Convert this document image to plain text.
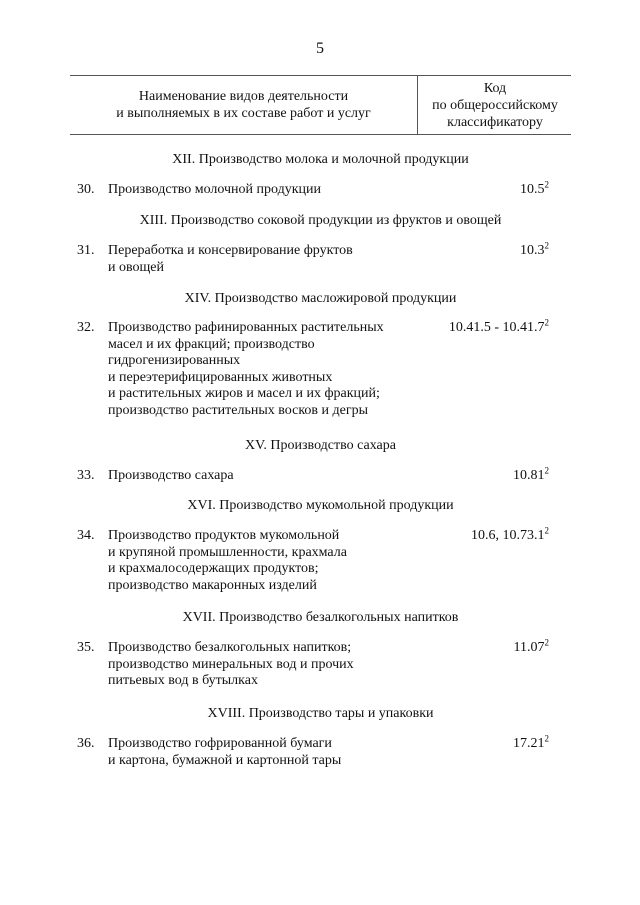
5
Наименование видов деятельности
и выполняемых в их составе работ и услуг
Код
по общероссийскому
классификатору
XII. Производство молока и молочной продукции
30. Производство молочной продукции	10.5$^2$
XIII. Производство соковой продукции из фруктов и овощей
31. Переработка и консервирование фруктов
и овощей
10.3$^2$
XIV. Производство масложировой продукции
32. Производство рафинированных растительных
масел и их фракций; производство
гидрогенизированных
и переэтерифицированных животных
и растительных жиров и масел и их фракций;
производство растительных восков и дегры
10.41.5 - 10.41.7$^2$
XV. Производство сахара
33. Производство сахара	10.81$^2$
XVI. Производство мукомольной продукции
34. Производство продуктов мукомольной
и крупяной промышленности, крахмала
и крахмалосодержащих продуктов;
производство макаронных изделий
10.6, 10.73.1$^2$
XVII. Производство безалкогольных напитков
35. Производство безалкогольных напитков;
производство минеральных вод и прочих
питьевых вод в бутылках
11.07$^2$
XVIII. Производство тары и упаковки
36. Производство гофрированной бумаги
и картона, бумажной и картонной тары
17.21$^2$
